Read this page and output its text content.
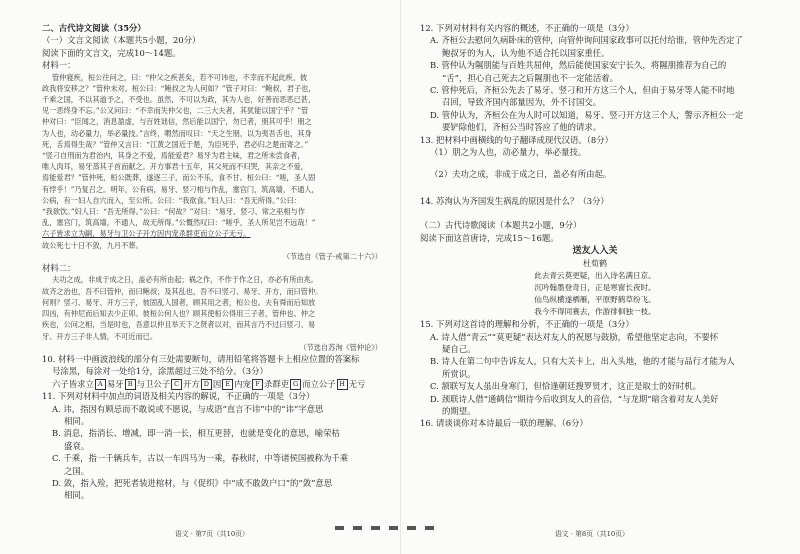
二、古代诗文阅读（35分）

（一）文言文阅读（本题共5小题，20分）

阅读下面的文言文，完成10～14题。

材料一：

管仲寝疾，桓公往问之，曰：“仲父之疾甚矣，若不可讳也，不幸而不起此疾，彼

政我将安移之？”管仲未对。桓公曰：“鲍叔之为人何如？”管子对曰：“鲍叔，君子也，

千乘之国，不以其道予之，不受也。虽然，不可以为政，其为人也，好善而恶恶已甚，

见一恶终身不忘。”公又问曰：“不幸而失仲父也，二三大夫者，其犹能以国宁乎？”管

仲对曰：“臣闻之，消息盈虚，与百姓诎信，然后能以国宁，勿已者，朋其可乎！朋之

为人也，动必量力，举必量技。”言终，喟然而叹曰：“天之生朋，以为夷吾舌也，其身

死，舌焉得生哉？”管仲又言曰：“江黄之国近于楚，为臣死乎，君必归之楚而寄之。”

“竖刁自刑而为君治内，其身之不爱，焉能爱君？易牙为君主味，君之所未尝食者，

唯人肉耳，易牙蒸其子首而献之。开方事君十五年，其父死而不归哭，其亲之不爱，

焉能爱君？”管仲死，桓公既葬，遂逐三子，而公不乐，食不甘。桓公曰：“嗟，圣人固

有悖乎！”乃复召之。明年，公有病，易牙、竖刁相与作乱，塞宫门，筑高墙，不通人，

公病，有一妇人自穴而入，至公所。公曰：“我欲食。”妇人曰：“吾无所得。”公曰：

“我欲饮。”妇人曰：“吾无所得。”公曰：“何故？”对曰：“易牙、竖刁、常之巫相与作

乱，塞宫门，筑高墙，不通人，故无所得。”公慨然叹曰：“嗟乎，圣人所见岂不远哉！”

六子皆求立为嗣，易牙与卫公子开方因内宠杀群吏而立公子无亏。

故公死七十日不敛，九月不葬。

（节选自《管子·戒第二十六》）

材料二：

夫功之成，非成于成之日，盖必有所由起；祸之作，不作于作之日，亦必有所由兆。

故齐之治也，吾不曰管仲，而曰鲍叔；及其乱也，吾不曰竖刁、易牙、开方，而曰管仲。

何则？竖刁、易牙、开方三子，彼固乱人国者，顾其用之者，桓公也。夫有舜而后知放

四凶，有仲尼而后知去少正卯。彼桓公何人也？顾其使桓公得用三子者，管仲也。仲之

疾也，公问之相，当是时也，吾意以仲且举天下之贤者以对，而其言乃不过曰竖刁、易

牙、开方三子非人情，不可近而已。

（节选自苏洵《管仲论》）

10. 材料一中画波浪线的部分有三处需要断句，请用铅笔将答题卡上相应位置的答案标

号涂黑，每涂对一处给1分，涂黑超过三处不给分。（3分）

六子皆求立 A 易牙 B 与卫公子 C 开方 D 因 E 内宠 F 杀群吏 G 而立公子 H 无亏

11. 下列对材料中加点的词语及相关内容的解说，不正确的一项是（3分）

A. 讳，指因有顾忌而不敢说或不愿说，与成语“直言不讳”中的“讳”字意思

相同。

B. 消息，指消长、增减，即一消一长，相互更替，也就是变化的意思，喻荣枯

盛衰。

C. 千乘，指一千辆兵车，古以一车四马为一乘，春秋时，中等诸侯国被称为千乘

之国。

D. 敛，指入殓，把死者装进棺材，与《促织》中“成不敢敛户口”的“敛”意思

相同。

语文 · 第7页（共10页）

12. 下列对材料有关内容的概述，不正确的一项是（3分）

A. 齐桓公去慰问久病卧床的管仲，向管仲询问国家政事可以托付给谁，管仲先否定了

鲍叔牙的为人，认为他不适合托以国家重任。

B. 管仲认为隰朋能与百姓共屈伸，然后能使国家安宁长久，将隰朋推荐为自己的

“舌”，担心自己死去之后隰朋也不一定能活着。

C. 管仲死后，齐桓公先去了易牙、竖刁和开方这三个人，但由于易牙等人能不时地

召回，导致齐国内部量因为，外不讨国交。

D. 管仲认为，齐桓公在为人时可以知道，易牙、竖刁开方这三个人，警示齐桓公一定

要铲除他们，齐桓公当时答应了他的请求。

13. 把材料中画横线的句子翻译成现代汉语。（8分）

（1）朋之为人也，动必量力，举必量技。

（2）夫功之成，非成于成之日，盖必有所由起。

14. 苏洵认为齐国发生祸乱的原因是什么？（3分）

（二）古代诗歌阅读（本题共2小题，9分）

阅读下面这首唐诗，完成15～16题。

送友人入关

杜荀鹤

此去青云莫更疑，出入诗名满日京。

沉吟翰墨登奇日，正是寒窗长夜时。

仙鸟纵横遂栖雁，平原野鹤草纷飞。

我今不得同赛去，作游徘徊独一枝。

15. 下列对这首诗的理解和分析，不正确的一项是（3分）

A. 诗人借“青云”“莫更疑”表达对友人的祝愿与鼓励，希望他坚定志向，不要怀

疑自己。

B. 诗人在第二句中告诉友人，只有大关卡上，出入头地，他的才能与品行才能为人

所赏识。

C. 颔联写友人虽出身寒门，但恰逢朝廷搜罗贤才，这正是取士的好时机。

D. 颈联诗人借“通鹤信”期待今后收到友人的音信，“与龙期”暗含着对友人美好

的期望。

16. 请谈谈你对本诗最后一联的理解。（6分）

语文 · 第8页（共10页）
